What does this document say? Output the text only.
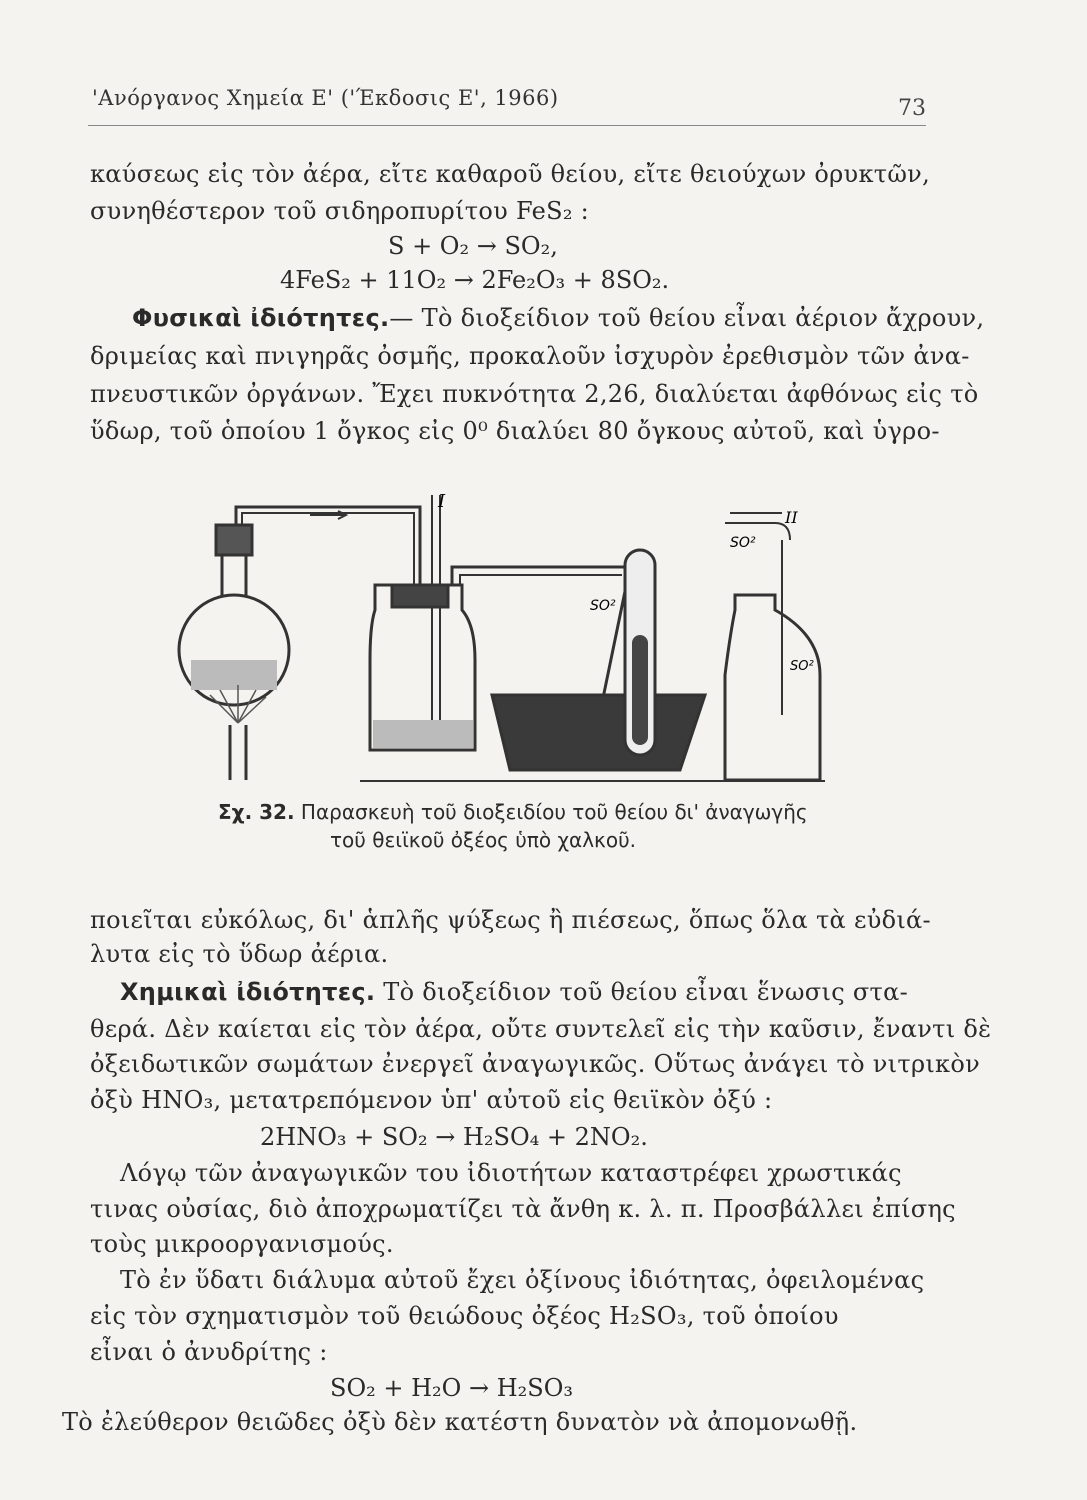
'Ανόργανος Χημεία Ε' ('Έκδοσις Ε', 1966)	73
καύσεως εἰς τὸν ἀέρα, εἴτε καθαροῦ θείου, εἴτε θειούχων ὀρυκτῶν,
συνηθέστερον τοῦ σιδηροπυρίτου FeS₂ :
S + O₂ → SO₂,
4FeS₂ + 11O₂ → 2Fe₂O₃ + 8SO₂.
Φυσικαὶ ἰδιότητες.— Τὸ διοξείδιον τοῦ θείου εἶναι ἀέριον ἄχρουν,
δριμείας καὶ πνιγηρᾶς ὀσμῆς, προκαλοῦν ἰσχυρὸν ἐρεθισμὸν τῶν ἀνα-
πνευστικῶν ὀργάνων. Ἔχει πυκνότητα 2,26, διαλύεται ἀφθόνως εἰς τὸ
ὕδωρ, τοῦ ὁποίου 1 ὄγκος εἰς 0⁰ διαλύει 80 ὄγκους αὐτοῦ, καὶ ὑγρο-
I
II
SO²
SO²
SO²
Σχ. 32. Παρασκευὴ τοῦ διοξειδίου τοῦ θείου δι' ἀναγωγῆς
τοῦ θειϊκοῦ ὀξέος ὑπὸ χαλκοῦ.
ποιεῖται εὐκόλως, δι' ἁπλῆς ψύξεως ἢ πιέσεως, ὅπως ὅλα τὰ εὐδιά-
λυτα εἰς τὸ ὕδωρ ἀέρια.
Χημικαὶ ἰδιότητες. Τὸ διοξείδιον τοῦ θείου εἶναι ἕνωσις στα-
θερά. Δὲν καίεται εἰς τὸν ἀέρα, οὔτε συντελεῖ εἰς τὴν καῦσιν, ἔναντι δὲ
ὀξειδωτικῶν σωμάτων ἐνεργεῖ ἀναγωγικῶς. Οὕτως ἀνάγει τὸ νιτρικὸν
ὀξὺ HNO₃, μετατρεπόμενον ὑπ' αὐτοῦ εἰς θειϊκὸν ὀξύ :
2HNO₃ + SO₂ → H₂SO₄ + 2NO₂.
Λόγῳ τῶν ἀναγωγικῶν του ἰδιοτήτων καταστρέφει χρωστικάς
τινας οὐσίας, διὸ ἀποχρωματίζει τὰ ἄνθη κ. λ. π. Προσβάλλει ἐπίσης
τοὺς μικροοργανισμούς.
Τὸ ἐν ὕδατι διάλυμα αὐτοῦ ἔχει ὀξίνους ἰδιότητας, ὀφειλομένας
εἰς τὸν σχηματισμὸν τοῦ θειώδους ὀξέος H₂SO₃, τοῦ ὁποίου
εἶναι ὁ ἀνυδρίτης :
SO₂ + H₂O → H₂SO₃
Τὸ ἐλεύθερον θειῶδες ὀξὺ δὲν κατέστη δυνατὸν νὰ ἀπομονωθῇ.
